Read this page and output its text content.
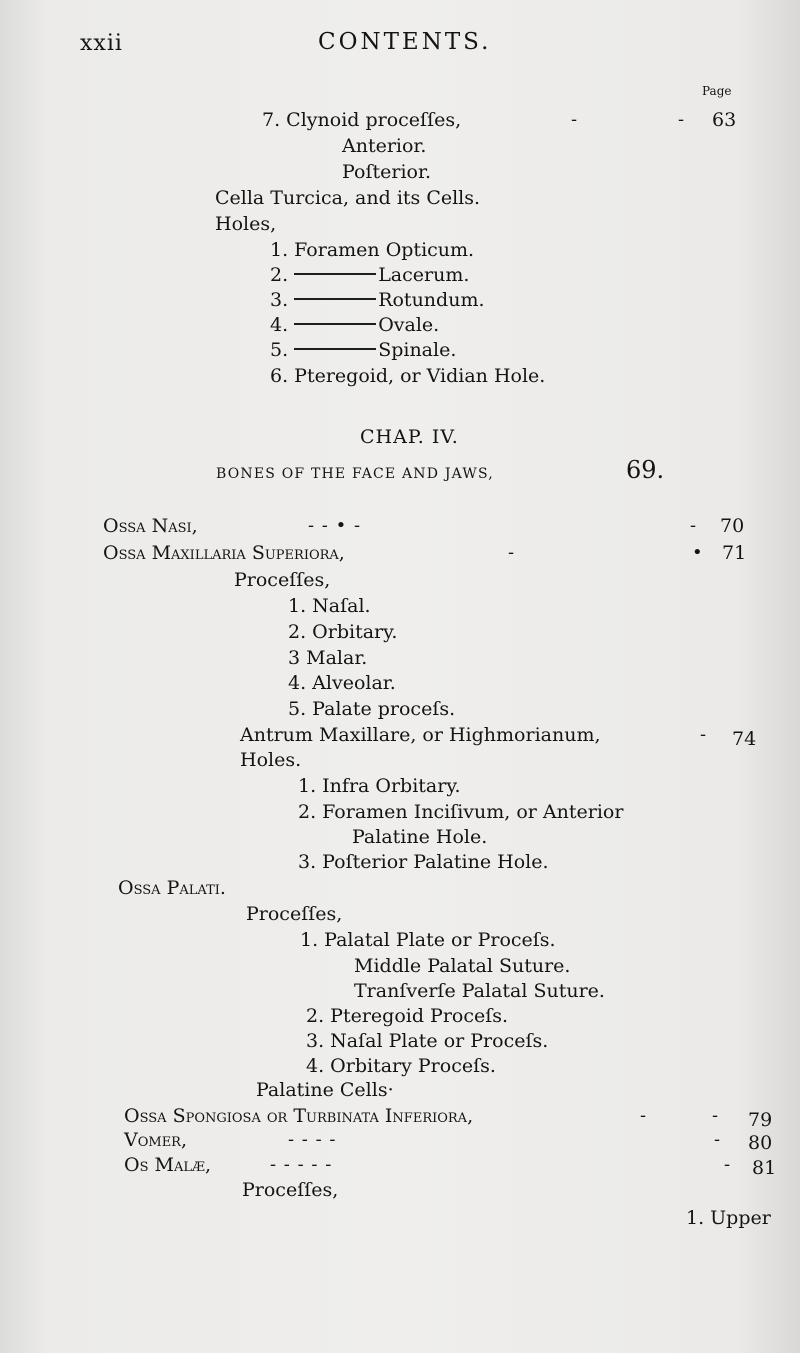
xxii	CONTENTS.
Page
7. Clynoid proceſſes,	-	- 63
Anterior.
Poſterior.
Cella Turcica, and its Cells.
Holes,
1. Foramen Opticum.
2.	Lacerum.
3.	Rotundum.
4.	Ovale.
5.	Spinale.
6. Pteregoid, or Vidian Hole.
CHAP. IV.
BONES OF THE FACE AND JAWS,	69.
Ossa Nasi,	- - • -	- 70
Ossa Maxillaria Superiora,	-	• 71
Proceſſes,
1. Naſal.
2. Orbitary.
3 Malar.
4. Alveolar.
5. Palate proceſs.
Antrum Maxillare, or Highmorianum,	- 74
Holes.
1. Infra Orbitary.
2. Foramen Inciſivum, or Anterior
Palatine Hole.
3. Poſterior Palatine Hole.
Ossa Palati.
Proceſſes,
1. Palatal Plate or Proceſs.
Middle Palatal Suture.
Tranſverſe Palatal Suture.
2. Pteregoid Proceſs.
3. Naſal Plate or Proceſs.
4. Orbitary Proceſs.
Palatine Cells·
Ossa Spongiosa or Turbinata Inferiora,	-	- 79
Vomer,	- - - -	- 80
Os Malæ,	- - - - -	- 81
Proceſſes,
1. Upper
